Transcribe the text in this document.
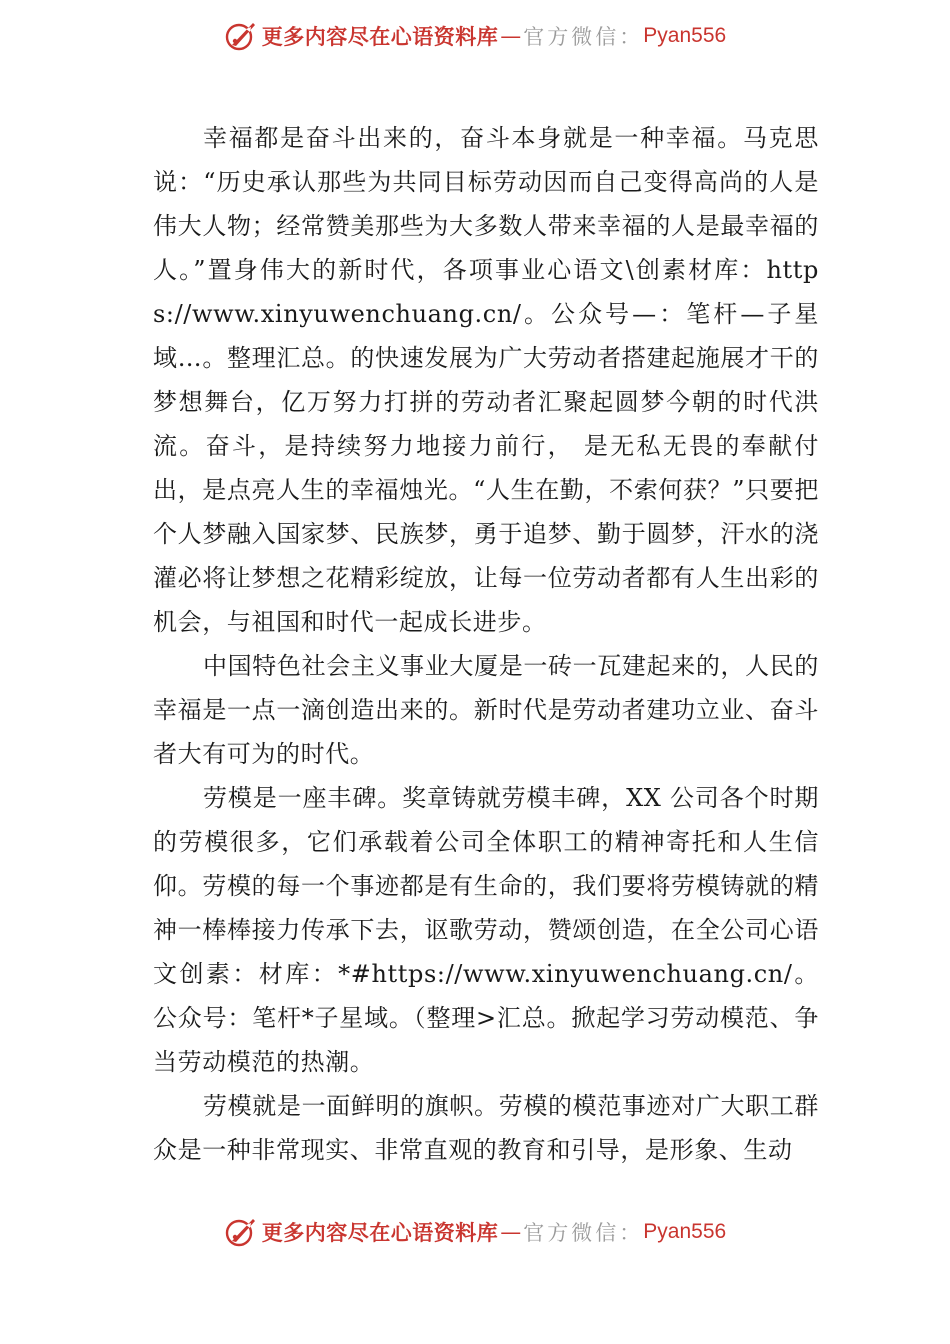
更多内容尽在心语资料库 — 官方微信： Pyan556

幸福都是奋斗出来的，奋斗本身就是一种幸福。马克思说：“历史承认那些为共同目标劳动因而自己变得高尚的人是伟大人物；经常赞美那些为大多数人带来幸福的人是最幸福的人。”置身伟大的新时代，各项事业心语文\创素材库：https://www.xinyuwenchuang.cn/。公众号—：笔杆—子星域…。整理汇总。的快速发展为广大劳动者搭建起施展才干的梦想舞台，亿万努力打拼的劳动者汇聚起圆梦今朝的时代洪流。奋斗，是持续努力地接力前行， 是无私无畏的奉献付出，是点亮人生的幸福烛光。“人生在勤，不索何获？”只要把个人梦融入国家梦、民族梦，勇于追梦、勤于圆梦，汗水的浇灌必将让梦想之花精彩绽放，让每一位劳动者都有人生出彩的机会，与祖国和时代一起成长进步。

中国特色社会主义事业大厦是一砖一瓦建起来的，人民的幸福是一点一滴创造出来的。新时代是劳动者建功立业、奋斗者大有可为的时代。

劳模是一座丰碑。奖章铸就劳模丰碑，XX 公司各个时期的劳模很多，它们承载着公司全体职工的精神寄托和人生信仰。劳模的每一个事迹都是有生命的，我们要将劳模铸就的精神一棒棒接力传承下去，讴歌劳动，赞颂创造，在全公司心语文创素：材库：*#https://www.xinyuwenchuang.cn/。公众号：笔杆*子星域。（整理>汇总。掀起学习劳动模范、争当劳动模范的热潮。

劳模就是一面鲜明的旗帜。劳模的模范事迹对广大职工群众是一种非常现实、非常直观的教育和引导，是形象、生动

更多内容尽在心语资料库 — 官方微信： Pyan556
